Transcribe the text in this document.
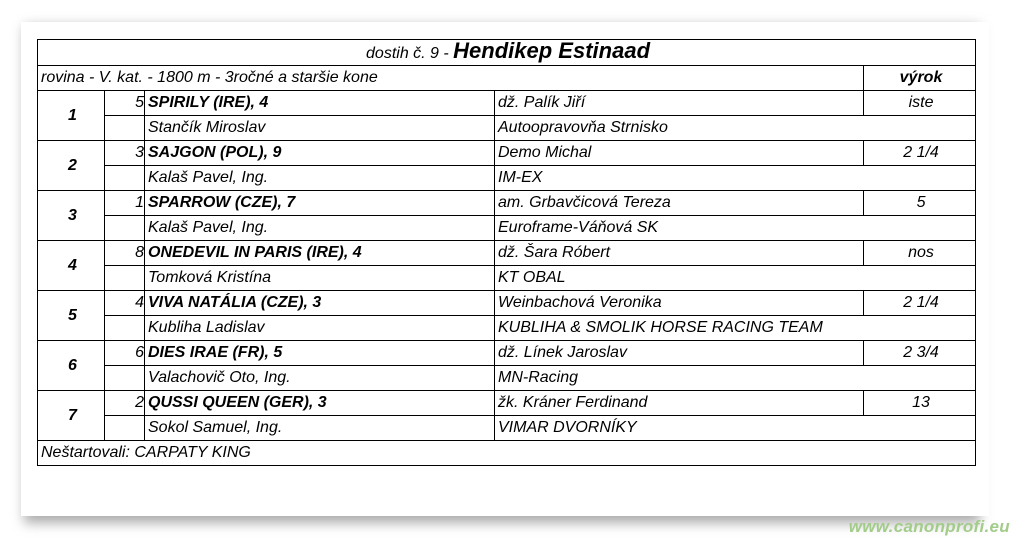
dostih č. 9 - Hendikep Estinaad				
rovina - V. kat. - 1800 m - 3ročné a staršie kone				výrok
1	5	SPIRILY (IRE), 4	dž. Palík Jiří	iste
		Stančík Miroslav	Autoopravovňa Strnisko	
2	3	SAJGON (POL), 9	Demo Michal	2 1/4
		Kalaš Pavel, Ing.	IM-EX	
3	1	SPARROW (CZE), 7	am. Grbavčicová Tereza	5
		Kalaš Pavel, Ing.	Euroframe-Váňová SK	
4	8	ONEDEVIL IN PARIS (IRE), 4	dž. Šara Róbert	nos
		Tomková Kristína	KT OBAL	
5	4	VIVA NATÁLIA (CZE), 3	Weinbachová Veronika	2 1/4
		Kubliha Ladislav	KUBLIHA & SMOLIK HORSE RACING TEAM	
6	6	DIES IRAE (FR), 5	dž. Línek Jaroslav	2 3/4
		Valachovič Oto, Ing.	MN-Racing	
7	2	QUSSI QUEEN (GER), 3	žk. Kráner Ferdinand	13
		Sokol Samuel, Ing.	VIMAR DVORNÍKY	
Neštartovali: CARPATY KING				
www.canonprofi.eu
